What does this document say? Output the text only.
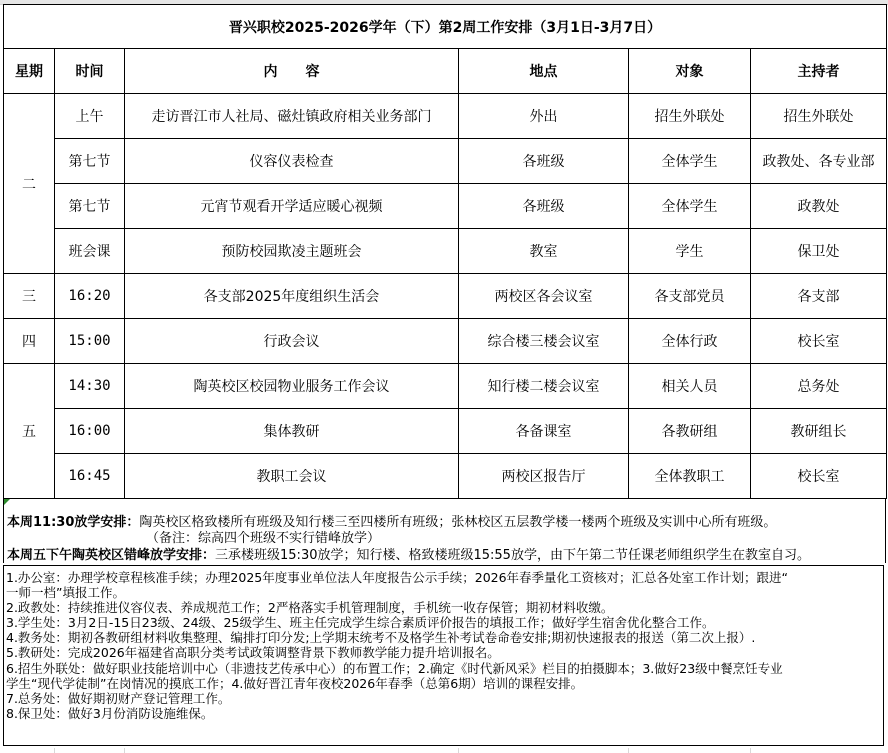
晋兴职校2025-2026学年（下）第2周工作安排（3月1日-3月7日）					
星期	时间	内　　容	地点	对象	主持者
二	上午	走访晋江市人社局、磁灶镇政府相关业务部门	外出	招生外联处	招生外联处
	第七节	仪容仪表检查	各班级	全体学生	政教处、各专业部
	第七节	元宵节观看开学适应暖心视频	各班级	全体学生	政教处
	班会课	预防校园欺凌主题班会	教室	学生	保卫处
三	16:20	各支部2025年度组织生活会	两校区各会议室	各支部党员	各支部
四	15:00	行政会议	综合楼三楼会议室	全体行政	校长室
五	14:30	陶英校区校园物业服务工作会议	知行楼二楼会议室	相关人员	总务处
	16:00	集体教研	各备课室	各教研组	教研组长
	16:45	教职工会议	两校区报告厅	全体教职工	校长室
本周11:30放学安排：陶英校区格致楼所有班级及知行楼三至四楼所有班级；张林校区五层教学楼一楼两个班级及实训中心所有班级。
（备注：综高四个班级不实行错峰放学）
本周五下午陶英校区错峰放学安排：三承楼班级15:30放学；知行楼、格致楼班级15:55放学，由下午第二节任课老师组织学生在教室自习。
1.办公室：办理学校章程核准手续；办理2025年度事业单位法人年度报告公示手续；2026年春季量化工资核对；汇总各处室工作计划；跟进“
一师一档”填报工作。
2.政教处：持续推进仪容仪表、养成规范工作；2严格落实手机管理制度，手机统一收存保管；期初材料收缴。
3.学生处：3月2日-15日23级、24级、25级学生、班主任完成学生综合素质评价报告的填报工作；做好学生宿舍优化整合工作。
4.教务处：期初各教研组材料收集整理、编排打印分发;上学期末统考不及格学生补考试卷命卷安排;期初快速报表的报送（第二次上报）.
5.教研处：完成2026年福建省高职分类考试政策调整背景下教师教学能力提升培训报名。
6.招生外联处：做好职业技能培训中心（非遗技艺传承中心）的布置工作；2.确定《时代新风采》栏目的拍摄脚本；3.做好23级中餐烹饪专业
学生“现代学徒制”在岗情况的摸底工作；4.做好晋江青年夜校2026年春季（总第6期）培训的课程安排。
7.总务处：做好期初财产登记管理工作。
8.保卫处：做好3月份消防设施维保。
